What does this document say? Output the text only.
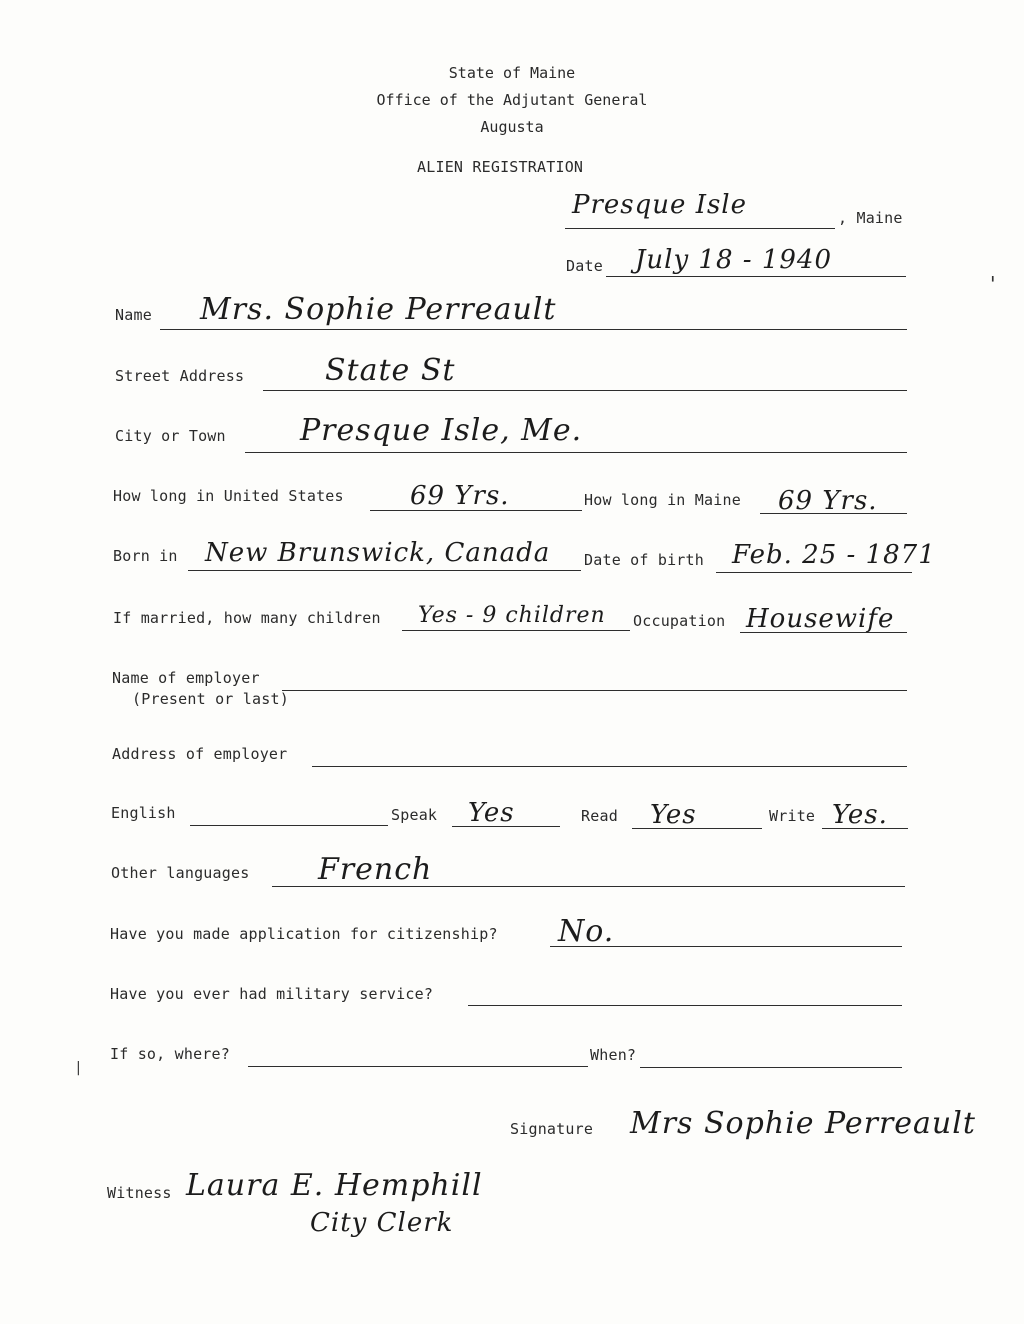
State of Maine
Office of the Adjutant General
Augusta
ALIEN REGISTRATION
Presque Isle	, Maine
Date July 18 - 1940
'
Name Mrs. Sophie Perreault
Street Address	State St
City or Town Presque Isle, Me.
How long in United States	69 Yrs.	How long in Maine 69 Yrs.
Born in New Brunswick, Canada Date of birth Feb. 25 - 1871
If married, how many children Yes - 9 children Occupation Housewife
Name of employer
(Present or last)
Address of employer
English	Speak Yes	Read Yes	Write Yes.
Other languages French
Have you made application for citizenship? No.
Have you ever had military service?
If so, where?	When?
|
Signature Mrs Sophie Perreault
Witness Laura E. Hemphill
City Clerk
